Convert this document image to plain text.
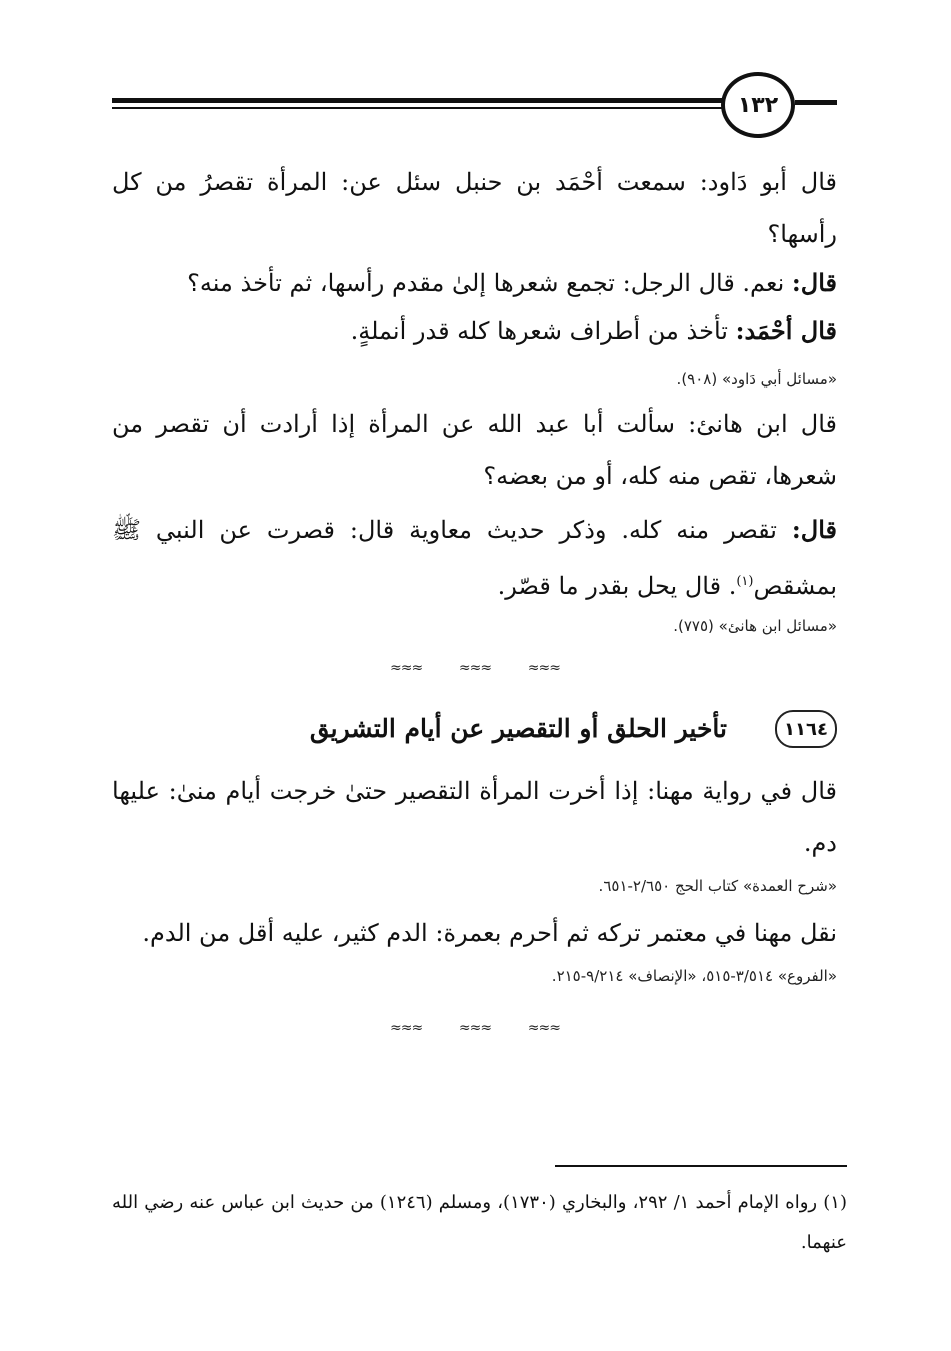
١٣٢
قال أبو دَاود: سمعت أحْمَد بن حنبل سئل عن: المرأة تقصرُ من كل رأسها؟
قال: نعم. قال الرجل: تجمع شعرها إلىٰ مقدم رأسها، ثم تأخذ منه؟
قال أحْمَد: تأخذ من أطراف شعرها كله قدر أنملةٍ.
«مسائل أبي دَاود» (٩٠٨).
قال ابن هانئ: سألت أبا عبد الله عن المرأة إذا أرادت أن تقصر من شعرها، تقص منه كله، أو من بعضه؟
قال: تقصر منه كله. وذكر حديث معاوية قال: قصرت عن النبي ﷺ بمشقص$^{(١)}$. قال يحل بقدر ما قصّر.
«مسائل ابن هانئ» (٧٧٥).
≈≈≈	≈≈≈	≈≈≈
١١٦٤
تأخير الحلق أو التقصير عن أيام التشريق
قال في رواية مهنا: إذا أخرت المرأة التقصير حتىٰ خرجت أيام منىٰ: عليها دم.
«شرح العمدة» كتاب الحج ٢/٦٥٠-٦٥١.
نقل مهنا في معتمر تركه ثم أحرم بعمرة: الدم كثير، عليه أقل من الدم.
«الفروع» ٣/٥١٤-٥١٥، «الإنصاف» ٩/٢١٤-٢١٥.
≈≈≈	≈≈≈	≈≈≈
(١) رواه الإمام أحمد ١/ ٢٩٢، والبخاري (١٧٣٠)، ومسلم (١٢٤٦) من حديث ابن عباس عنه رضي الله عنهما.
